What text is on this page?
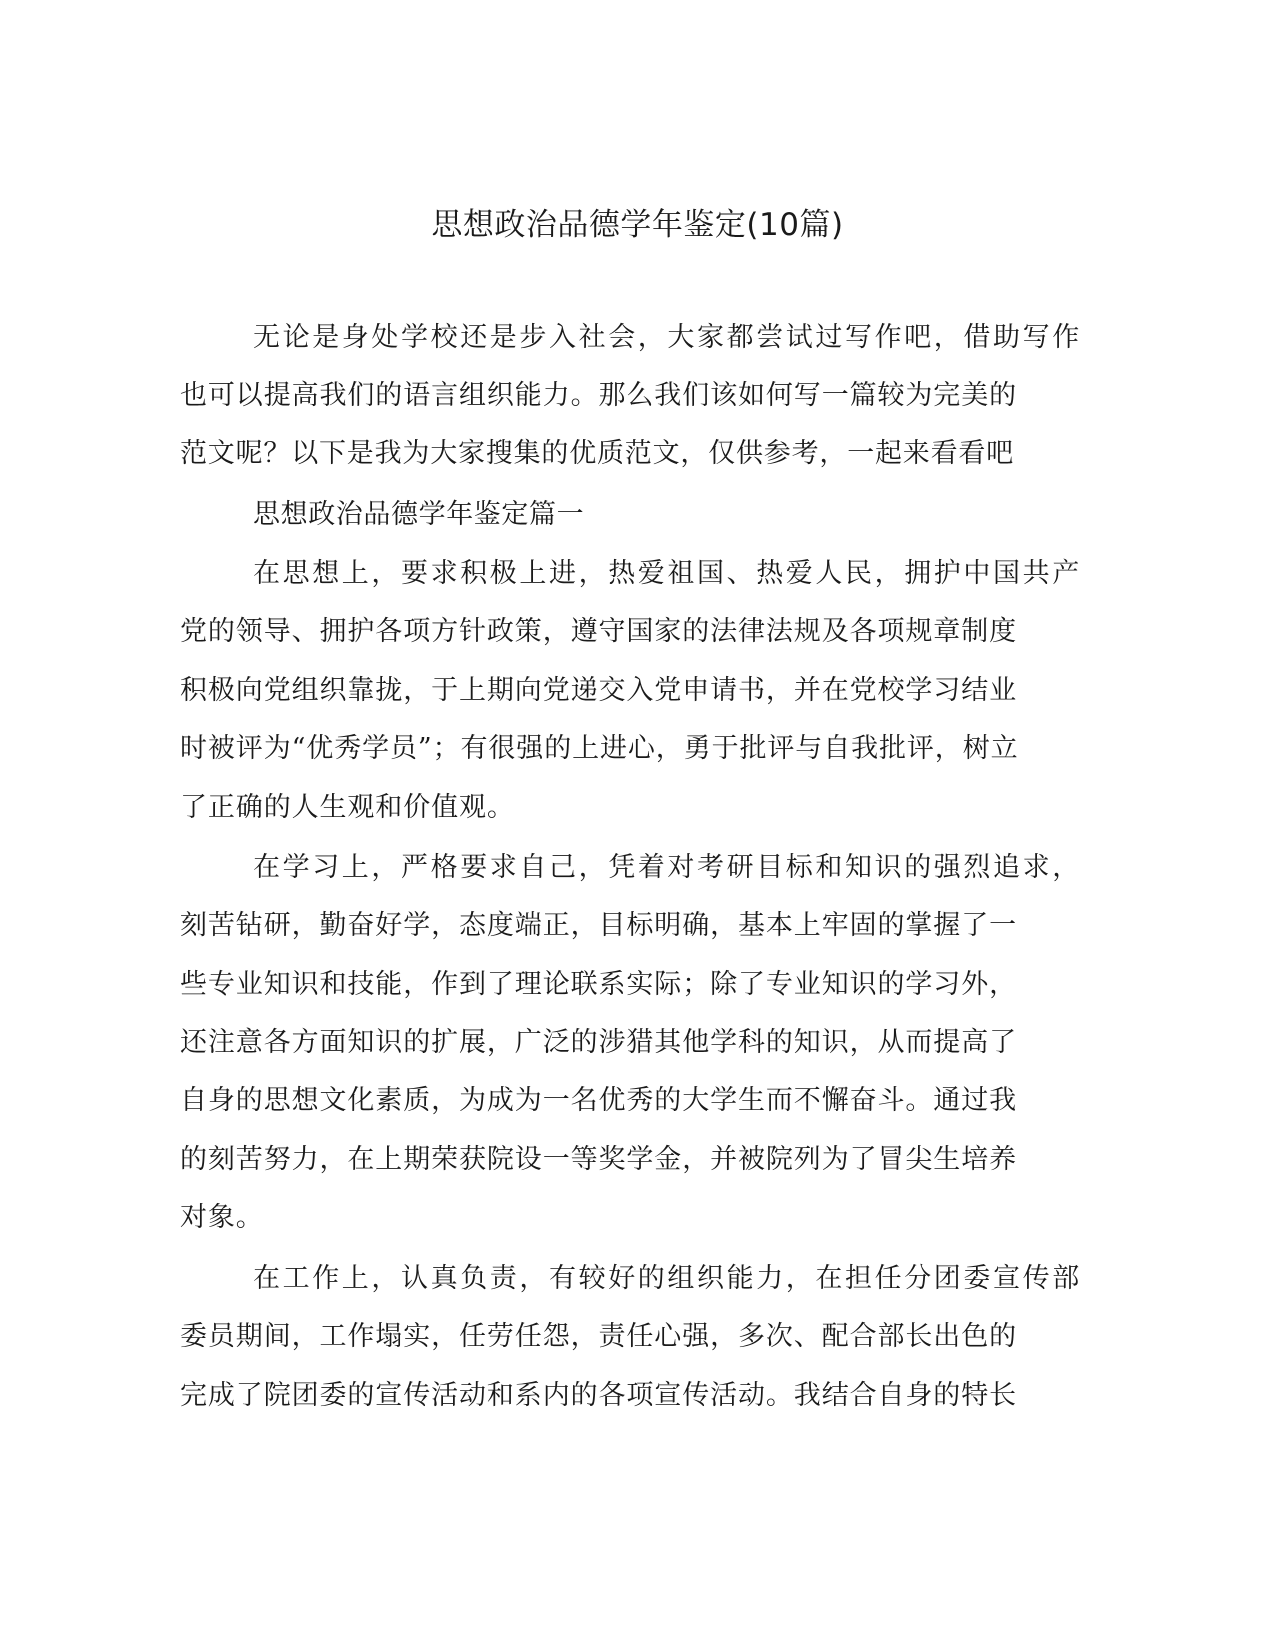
思想政治品德学年鉴定(10篇)
无论是身处学校还是步入社会，大家都尝试过写作吧，借助写作
也可以提高我们的语言组织能力。那么我们该如何写一篇较为完美的
范文呢？以下是我为大家搜集的优质范文，仅供参考，一起来看看吧
思想政治品德学年鉴定篇一
在思想上，要求积极上进，热爱祖国、热爱人民，拥护中国共产
党的领导、拥护各项方针政策，遵守国家的法律法规及各项规章制度
积极向党组织靠拢，于上期向党递交入党申请书，并在党校学习结业
时被评为“优秀学员”；有很强的上进心，勇于批评与自我批评，树立
了正确的人生观和价值观。
在学习上，严格要求自己，凭着对考研目标和知识的强烈追求，
刻苦钻研，勤奋好学，态度端正，目标明确，基本上牢固的掌握了一
些专业知识和技能，作到了理论联系实际；除了专业知识的学习外，
还注意各方面知识的扩展，广泛的涉猎其他学科的知识，从而提高了
自身的思想文化素质，为成为一名优秀的大学生而不懈奋斗。通过我
的刻苦努力，在上期荣获院设一等奖学金，并被院列为了冒尖生培养
对象。
在工作上，认真负责，有较好的组织能力，在担任分团委宣传部
委员期间，工作塌实，任劳任怨，责任心强，多次、配合部长出色的
完成了院团委的宣传活动和系内的各项宣传活动。我结合自身的特长
